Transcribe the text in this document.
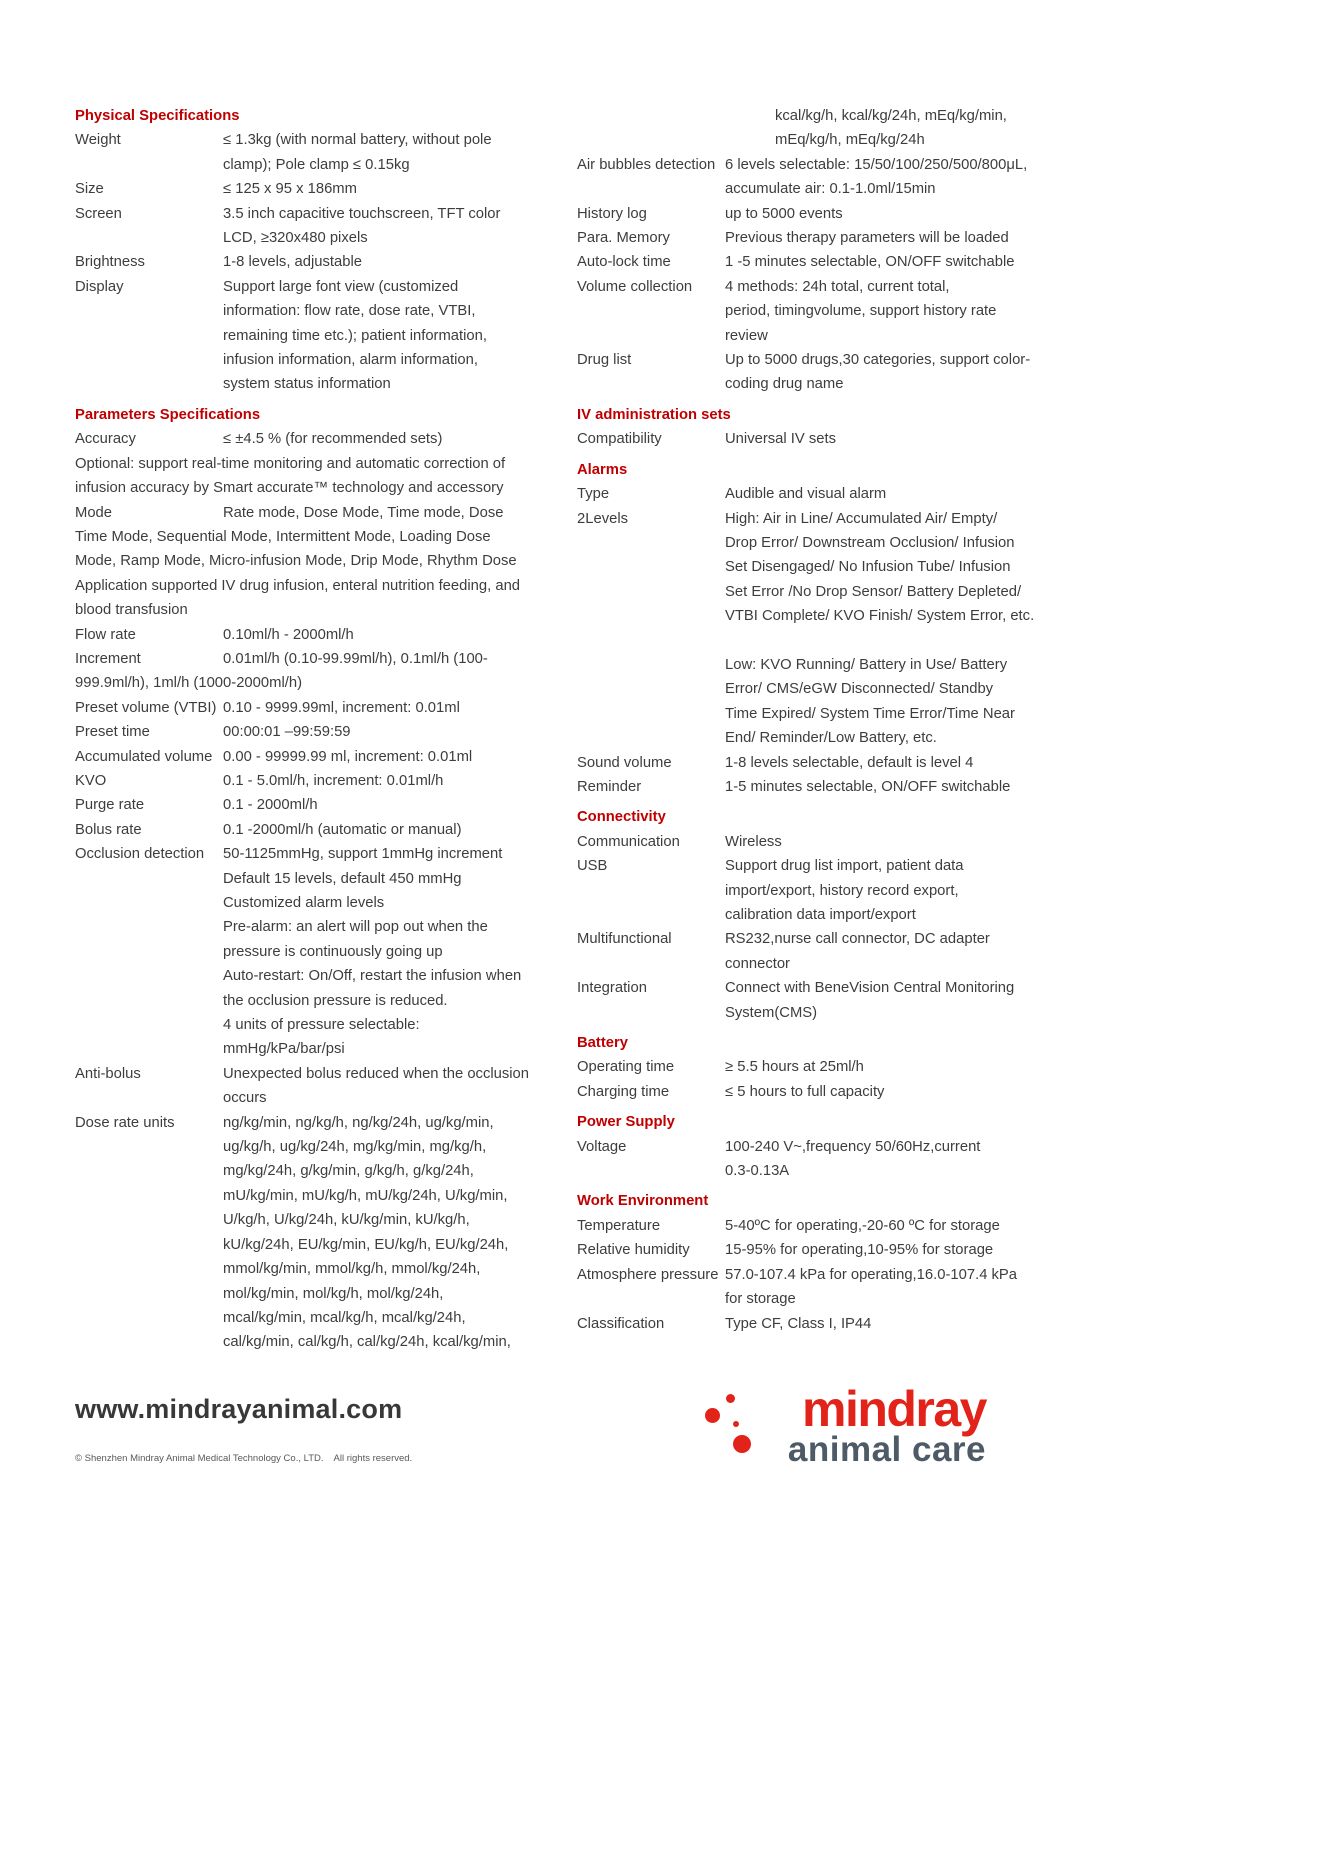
Physical Specifications
Weight	≤ 1.3kg (with normal battery, without pole
clamp); Pole clamp ≤ 0.15kg
Size	≤ 125 x 95 x 186mm
Screen	3.5 inch capacitive touchscreen, TFT color
LCD, ≥320x480 pixels
Brightness	1-8 levels, adjustable
Display	Support large font view (customized
information: flow rate, dose rate, VTBI,
remaining time etc.); patient information,
infusion information, alarm information,
system status information
Parameters Specifications
Accuracy	≤ ±4.5 % (for recommended sets)
Optional: support real-time monitoring and automatic correction of
infusion accuracy by Smart accurate™ technology and accessory
Mode	Rate mode, Dose Mode, Time mode, Dose
Time Mode, Sequential Mode, Intermittent Mode, Loading Dose
Mode, Ramp Mode, Micro-infusion Mode, Drip Mode, Rhythm Dose
Application supported IV drug infusion, enteral nutrition feeding, and
blood transfusion
Flow rate	0.10ml/h - 2000ml/h
Increment	0.01ml/h (0.10-99.99ml/h), 0.1ml/h (100-
999.9ml/h), 1ml/h (1000-2000ml/h)
Preset volume (VTBI) 0.10 - 9999.99ml, increment: 0.01ml
Preset time	00:00:01 –99:59:59
Accumulated volume 0.00 - 99999.99 ml, increment: 0.01ml
KVO	0.1 - 5.0ml/h, increment: 0.01ml/h
Purge rate	0.1 - 2000ml/h
Bolus rate	0.1 -2000ml/h (automatic or manual)
Occlusion detection	50-1125mmHg, support 1mmHg increment
Default 15 levels, default 450 mmHg
Customized alarm levels
Pre-alarm: an alert will pop out when the
pressure is continuously going up
Auto-restart: On/Off, restart the infusion when
the occlusion pressure is reduced.
4 units of pressure selectable:
mmHg/kPa/bar/psi
Anti-bolus	Unexpected bolus reduced when the occlusion
occurs
Dose rate units	ng/kg/min, ng/kg/h, ng/kg/24h, ug/kg/min,
ug/kg/h, ug/kg/24h, mg/kg/min, mg/kg/h,
mg/kg/24h, g/kg/min, g/kg/h, g/kg/24h,
mU/kg/min, mU/kg/h, mU/kg/24h, U/kg/min,
U/kg/h, U/kg/24h, kU/kg/min, kU/kg/h,
kU/kg/24h, EU/kg/min, EU/kg/h, EU/kg/24h,
mmol/kg/min, mmol/kg/h, mmol/kg/24h,
mol/kg/min, mol/kg/h, mol/kg/24h,
mcal/kg/min, mcal/kg/h, mcal/kg/24h,
cal/kg/min, cal/kg/h, cal/kg/24h, kcal/kg/min,
kcal/kg/h, kcal/kg/24h, mEq/kg/min,
mEq/kg/h, mEq/kg/24h
Air bubbles detection 6 levels selectable: 15/50/100/250/500/800μL,
accumulate air: 0.1-1.0ml/15min
History log	up to 5000 events
Para. Memory	Previous therapy parameters will be loaded
Auto-lock time	1 -5 minutes selectable, ON/OFF switchable
Volume collection	4 methods: 24h total, current total,
period, timingvolume, support history rate
review
Drug list	Up to 5000 drugs,30 categories, support color-
coding drug name
IV administration sets
Compatibility	Universal IV sets
Alarms
Type	Audible and visual alarm
2Levels	High: Air in Line/ Accumulated Air/ Empty/
Drop Error/ Downstream Occlusion/ Infusion
Set Disengaged/ No Infusion Tube/ Infusion
Set Error /No Drop Sensor/ Battery Depleted/
VTBI Complete/ KVO Finish/ System Error, etc.

Low: KVO Running/ Battery in Use/ Battery
Error/ CMS/eGW Disconnected/ Standby
Time Expired/ System Time Error/Time Near
End/ Reminder/Low Battery, etc.
Sound volume	1-8 levels selectable, default is level 4
Reminder	1-5 minutes selectable, ON/OFF switchable
Connectivity
Communication	Wireless
USB	Support drug list import, patient data
import/export, history record export,
calibration data import/export
Multifunctional	RS232,nurse call connector, DC adapter
connector
Integration	Connect with BeneVision Central Monitoring
System(CMS)
Battery
Operating time	≥ 5.5 hours at 25ml/h
Charging time	≤ 5 hours to full capacity
Power Supply
Voltage	100-240 V~,frequency 50/60Hz,current
0.3-0.13A
Work Environment
Temperature	5-40ºC for operating,-20-60 ºC for storage
Relative humidity	15-95% for operating,10-95% for storage
Atmosphere pressure 57.0-107.4 kPa for operating,16.0-107.4 kPa
for storage
Classification	Type CF, Class I, IP44
www.mindrayanimal.com
© Shenzhen Mindray Animal Medical Technology Co., LTD.    All rights reserved.
mindray
animal care
